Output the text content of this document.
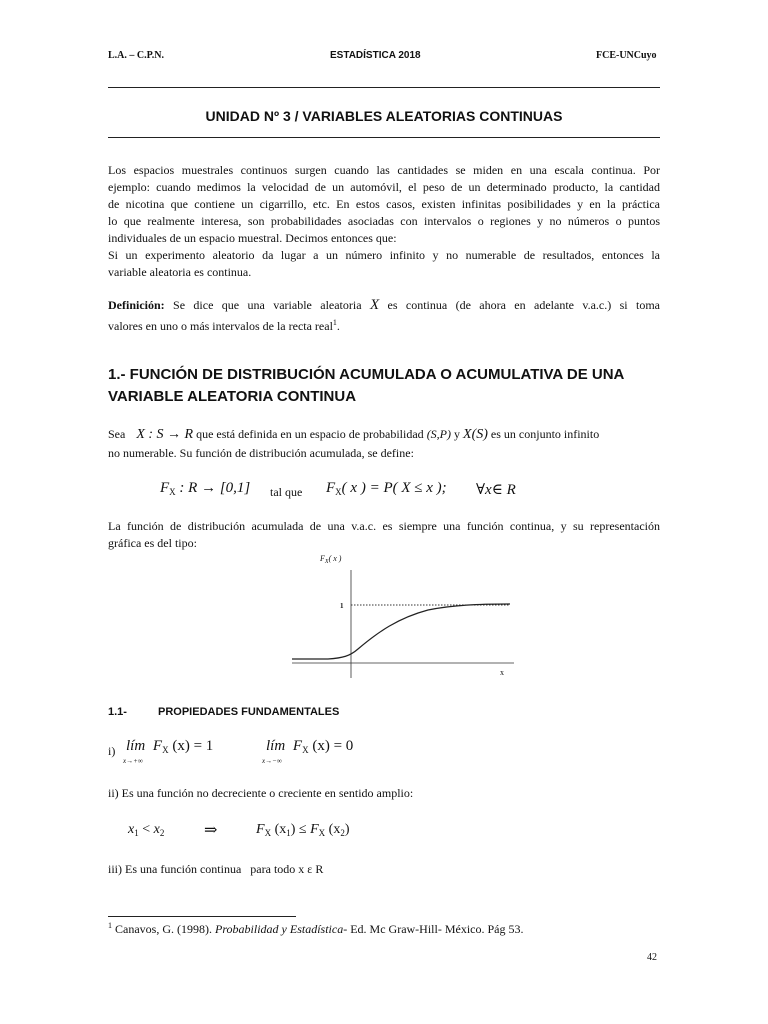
L.A. – C.P.N.	ESTADÍSTICA 2018	FCE-UNCuyo
UNIDAD Nº 3 / VARIABLES ALEATORIAS CONTINUAS
Los espacios muestrales continuos surgen cuando las cantidades se miden en una escala continua. Por
ejemplo: cuando medimos la velocidad de un automóvil, el peso de un determinado producto, la cantidad
de nicotina que contiene un cigarrillo, etc. En estos casos, existen infinitas posibilidades y en la práctica
lo que realmente interesa, son probabilidades asociadas con intervalos o regiones y no números o puntos
individuales de un espacio muestral. Decimos entonces que:
Si un experimento aleatorio da lugar a un número infinito y no numerable de resultados, entonces la
variable aleatoria es continua.
Definición: Se dice que una variable aleatoria X es continua (de ahora en adelante v.a.c.) si toma
valores en uno o más intervalos de la recta real$^1$.
1.- FUNCIÓN DE DISTRIBUCIÓN ACUMULADA O ACUMULATIVA DE UNA
VARIABLE ALEATORIA CONTINUA
Sea X : S → R que está definida en un espacio de probabilidad (S,P) y X(S) es un conjunto infinito
no numerable. Su función de distribución acumulada, se define:
$F_X$ : R → [0,1] tal que $F_X$( x ) = P( X ≤ x ); ∀x∈ R
La función de distribución acumulada de una v.a.c. es siempre una función continua, y su representación
gráfica es del tipo:
$F_X$( x )
1
x
1.1-	PROPIEDADES FUNDAMENTALES
i) lím $F_X$ (x) = 1
x→+∞
lím $F_X$ (x) = 0
x→−∞
ii) Es una función no decreciente o creciente en sentido amplio:
$x_1 < x_2$ ⇒	$F_X$ $(x_1) \le F_X$ $(x_2)$
iii) Es una función continua   para todo x ε R
$^1$ Canavos, G. (1998). Probabilidad y Estadística- Ed. Mc Graw-Hill- México. Pág 53.
42
